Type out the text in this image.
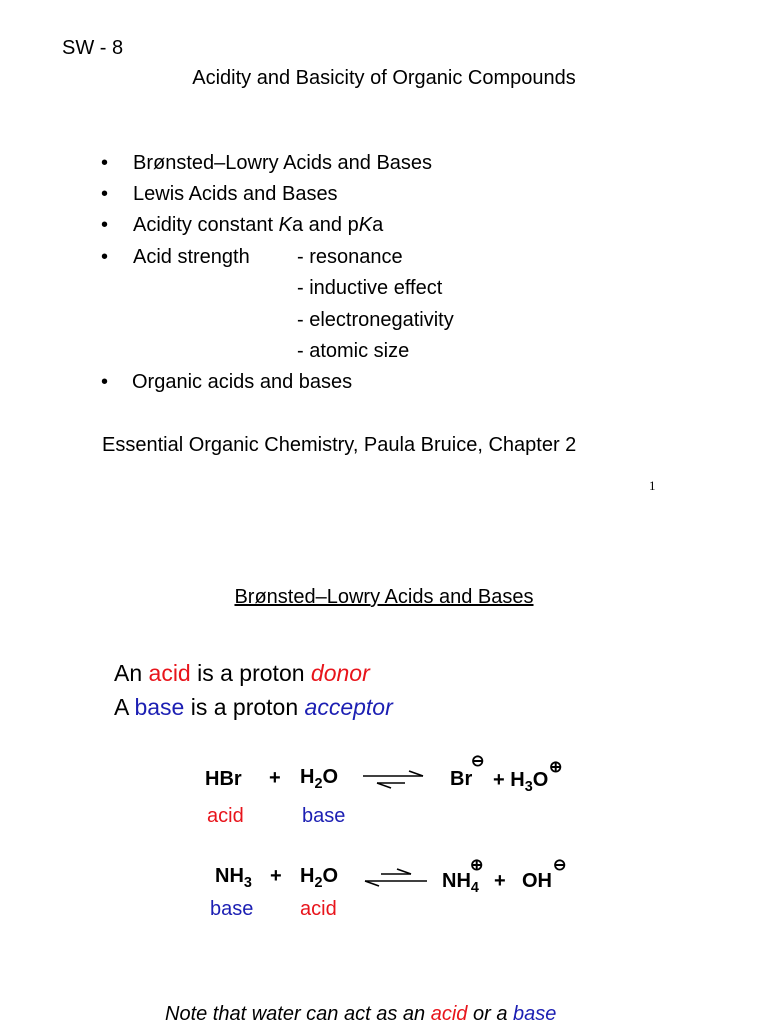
SW - 8
Acidity and Basicity of Organic Compounds
• Brønsted–Lowry Acids and Bases
• Lewis Acids and Bases
• Acidity constant Ka and pKa
• Acid strength - resonance
- inductive effect
- electronegativity
- atomic size
• Organic acids and bases
Essential Organic Chemistry, Paula Bruice, Chapter 2
1
Brønsted–Lowry Acids and Bases
An acid is a proton donor
A base is a proton acceptor
HBr + $H_2O$	Br
⊖
+ $H_3O$
⊕
acid	base
$NH_3 + H_2O$	$NH_4$
⊕
+ OH
⊖
base acid
Note that water can act as an acid or a base
